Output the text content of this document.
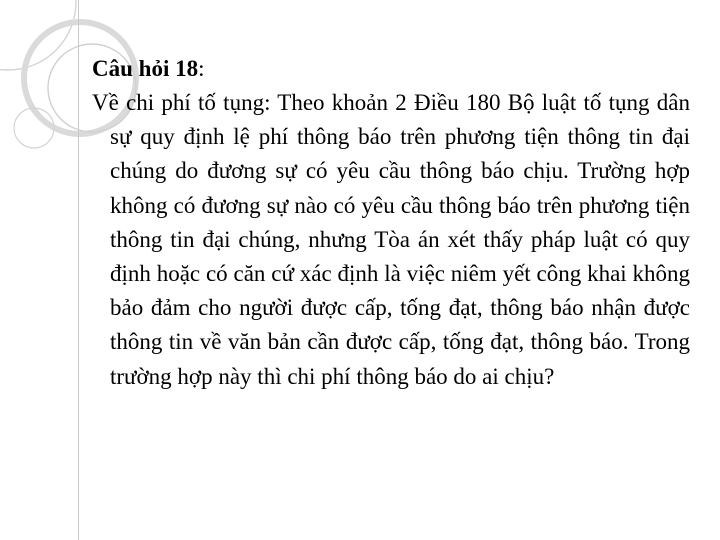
Câu hỏi 18:

Về chi phí tố tụng: Theo khoản 2 Điều 180 Bộ luật tố tụng dân sự quy định lệ phí thông báo trên phương tiện thông tin đại chúng do đương sự có yêu cầu thông báo chịu. Trường hợp không có đương sự nào có yêu cầu thông báo trên phương tiện thông tin đại chúng, nhưng Tòa án xét thấy pháp luật có quy định hoặc có căn cứ xác định là việc niêm yết công khai không bảo đảm cho người được cấp, tống đạt, thông báo nhận được thông tin về văn bản cần được cấp, tống đạt, thông báo. Trong trường hợp này thì chi phí thông báo do ai chịu?
